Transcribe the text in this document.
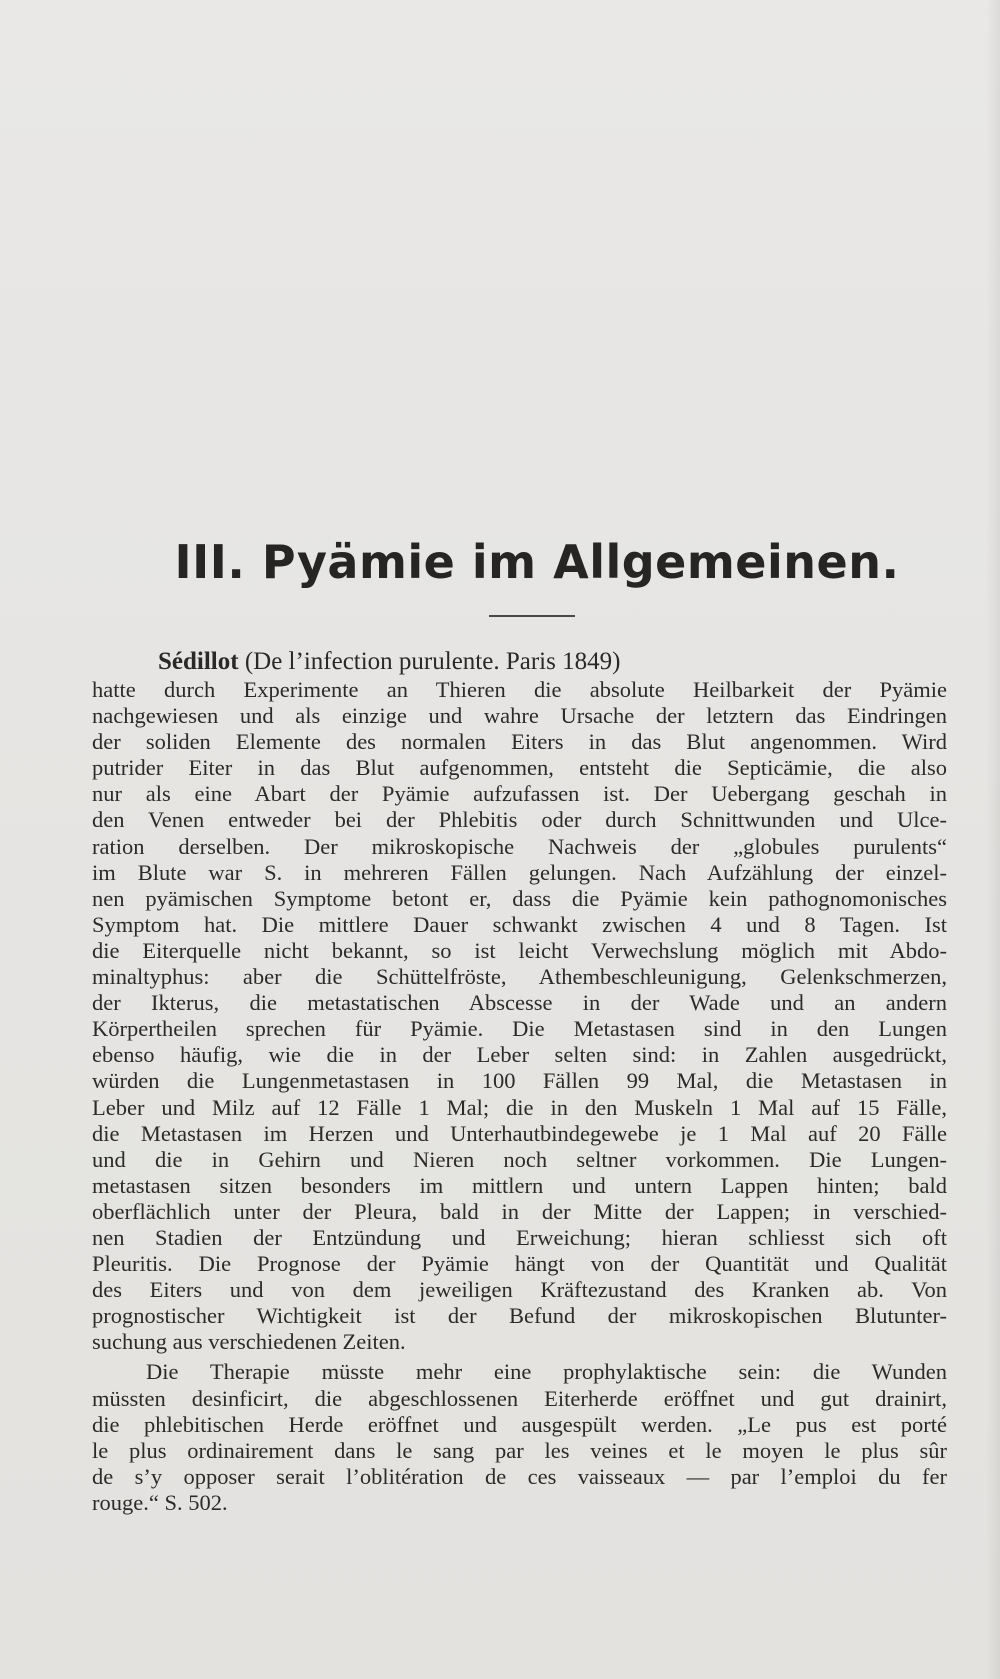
III. Pyämie im Allgemeinen.
Sédillot (De l’infection purulente. Paris 1849)
hatte durch Experimente an Thieren die absolute Heilbarkeit der Pyämie
nachgewiesen und als einzige und wahre Ursache der letztern das Eindringen
der soliden Elemente des normalen Eiters in das Blut angenommen. Wird
putrider Eiter in das Blut aufgenommen, entsteht die Septicämie, die also
nur als eine Abart der Pyämie aufzufassen ist. Der Uebergang geschah in
den Venen entweder bei der Phlebitis oder durch Schnittwunden und Ulce-
ration derselben. Der mikroskopische Nachweis der „globules purulents“
im Blute war S. in mehreren Fällen gelungen. Nach Aufzählung der einzel-
nen pyämischen Symptome betont er, dass die Pyämie kein pathognomonisches
Symptom hat. Die mittlere Dauer schwankt zwischen 4 und 8 Tagen. Ist
die Eiterquelle nicht bekannt, so ist leicht Verwechslung möglich mit Abdo-
minaltyphus: aber die Schüttelfröste, Athembeschleunigung, Gelenkschmerzen,
der Ikterus, die metastatischen Abscesse in der Wade und an andern
Körpertheilen sprechen für Pyämie. Die Metastasen sind in den Lungen
ebenso häufig, wie die in der Leber selten sind: in Zahlen ausgedrückt,
würden die Lungenmetastasen in 100 Fällen 99 Mal, die Metastasen in
Leber und Milz auf 12 Fälle 1 Mal; die in den Muskeln 1 Mal auf 15 Fälle,
die Metastasen im Herzen und Unterhautbindegewebe je 1 Mal auf 20 Fälle
und die in Gehirn und Nieren noch seltner vorkommen. Die Lungen-
metastasen sitzen besonders im mittlern und untern Lappen hinten; bald
oberflächlich unter der Pleura, bald in der Mitte der Lappen; in verschied-
nen Stadien der Entzündung und Erweichung; hieran schliesst sich oft
Pleuritis. Die Prognose der Pyämie hängt von der Quantität und Qualität
des Eiters und von dem jeweiligen Kräftezustand des Kranken ab. Von
prognostischer Wichtigkeit ist der Befund der mikroskopischen Blutunter-
suchung aus verschiedenen Zeiten.
Die Therapie müsste mehr eine prophylaktische sein: die Wunden
müssten desinficirt, die abgeschlossenen Eiterherde eröffnet und gut drainirt,
die phlebitischen Herde eröffnet und ausgespült werden. „Le pus est porté
le plus ordinairement dans le sang par les veines et le moyen le plus sûr
de s’y opposer serait l’oblitération de ces vaisseaux — par l’emploi du fer
rouge.“ S. 502.
